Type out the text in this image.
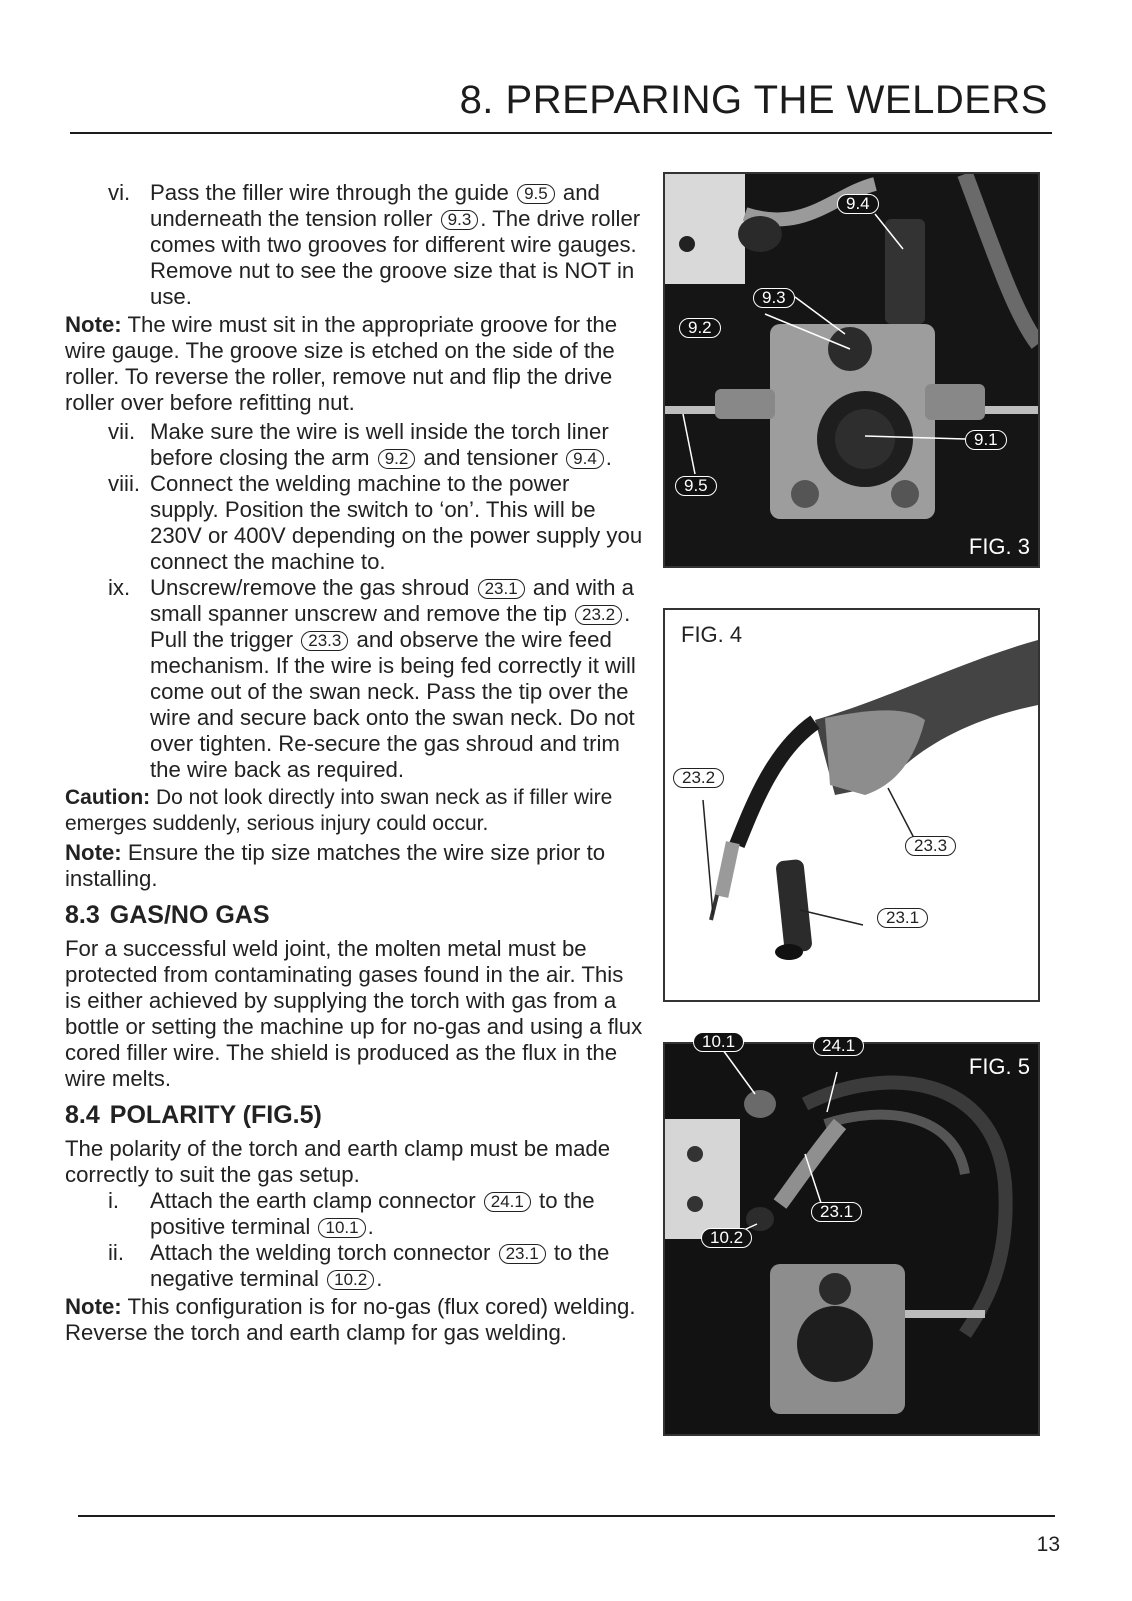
8. PREPARING THE WELDERS
vi. Pass the filler wire through the guide 9.5 and underneath the tension roller 9.3 . The drive roller comes with two grooves for different wire gauges. Remove nut to see the groove size that is NOT in use.
Note: The wire must sit in the appropriate groove for the wire gauge. The groove size is etched on the side of the roller. To reverse the roller, remove nut and flip the drive roller over before refitting nut.
vii. Make sure the wire is well inside the torch liner before closing the arm 9.2 and tensioner 9.4 .
viii. Connect the welding machine to the power supply. Position the switch to ‘on’. This will be 230V or 400V depending on the power supply you connect the machine to.
ix. Unscrew/remove the gas shroud 23.1 and with a small spanner unscrew and remove the tip 23.2 . Pull the trigger 23.3 and observe the wire feed mechanism. If the wire is being fed correctly it will come out of the swan neck. Pass the tip over the wire and secure back onto the swan neck. Do not over tighten. Re-secure the gas shroud and trim the wire back as required.
Caution: Do not look directly into swan neck as if filler wire emerges suddenly, serious injury could occur.
Note: Ensure the tip size matches the wire size prior to installing.
8.3 GAS/NO GAS
For a successful weld joint, the molten metal must be protected from contaminating gases found in the air. This is either achieved by supplying the torch with gas from a bottle or setting the machine up for no-gas and using a flux cored filler wire. The shield is produced as the flux in the wire melts.
8.4 POLARITY (FIG.5)
The polarity of the torch and earth clamp must be made correctly to suit the gas setup.
i.	Attach the earth clamp connector 24.1 to the positive terminal 10.1 .
ii.	Attach the welding torch connector 23.1 to the negative terminal 10.2 .
Note: This configuration is for no-gas (flux cored) welding. Reverse the torch and earth clamp for gas welding.
9.4
9.3
9.2
9.1
9.5
FIG. 3
FIG. 4
23.2
23.3
23.1
10.1	24.1
23.1
10.2
FIG. 5
13
